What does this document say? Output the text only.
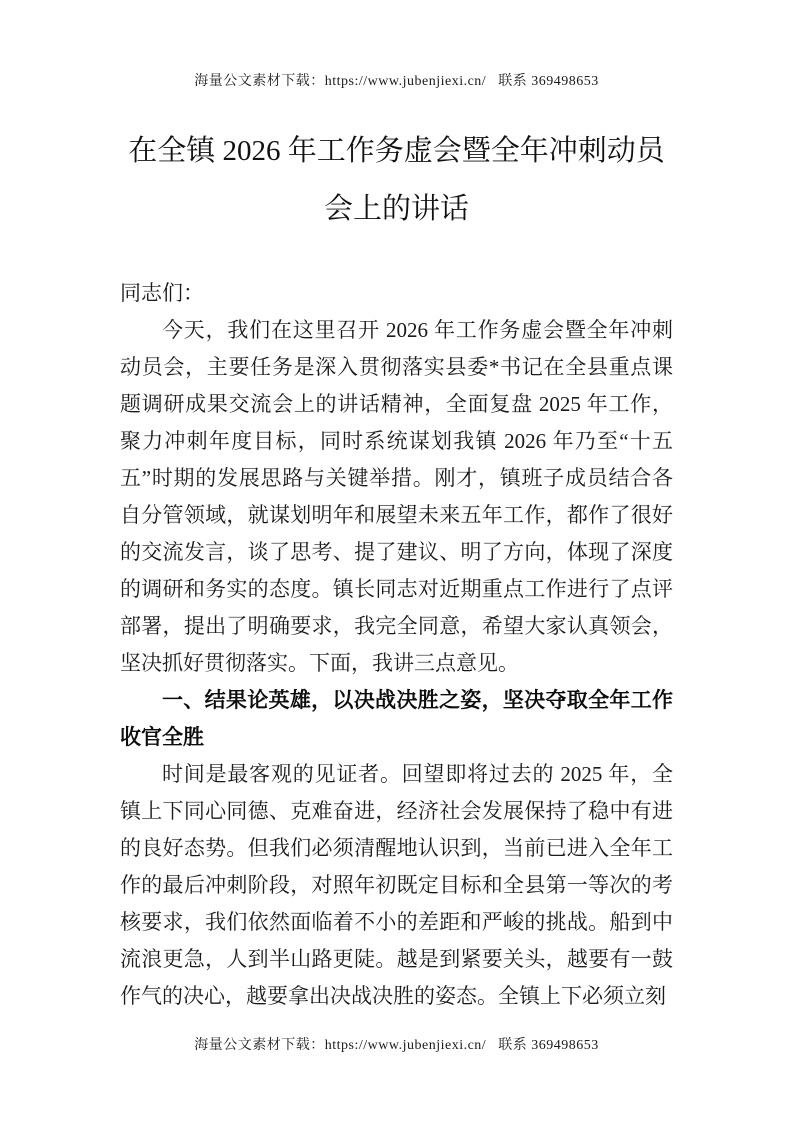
海量公文素材下载：https://www.jubenjiexi.cn/   联系 369498653
在全镇 2026 年工作务虚会暨全年冲刺动员会上的讲话

同志们：

今天，我们在这里召开 2026 年工作务虚会暨全年冲刺动员会，主要任务是深入贯彻落实县委*书记在全县重点课题调研成果交流会上的讲话精神，全面复盘 2025 年工作，聚力冲刺年度目标，同时系统谋划我镇 2026 年乃至“十五五”时期的发展思路与关键举措。刚才，镇班子成员结合各自分管领域，就谋划明年和展望未来五年工作，都作了很好的交流发言，谈了思考、提了建议、明了方向，体现了深度的调研和务实的态度。镇长同志对近期重点工作进行了点评部署，提出了明确要求，我完全同意，希望大家认真领会，坚决抓好贯彻落实。下面，我讲三点意见。

一、结果论英雄，以决战决胜之姿，坚决夺取全年工作收官全胜

时间是最客观的见证者。回望即将过去的 2025 年，全镇上下同心同德、克难奋进，经济社会发展保持了稳中有进的良好态势。但我们必须清醒地认识到，当前已进入全年工作的最后冲刺阶段，对照年初既定目标和全县第一等次的考核要求，我们依然面临着不小的差距和严峻的挑战。船到中流浪更急，人到半山路更陡。越是到紧要关头，越要有一鼓作气的决心，越要拿出决战决胜的姿态。全镇上下必须立刻

海量公文素材下载：https://www.jubenjiexi.cn/   联系 369498653
